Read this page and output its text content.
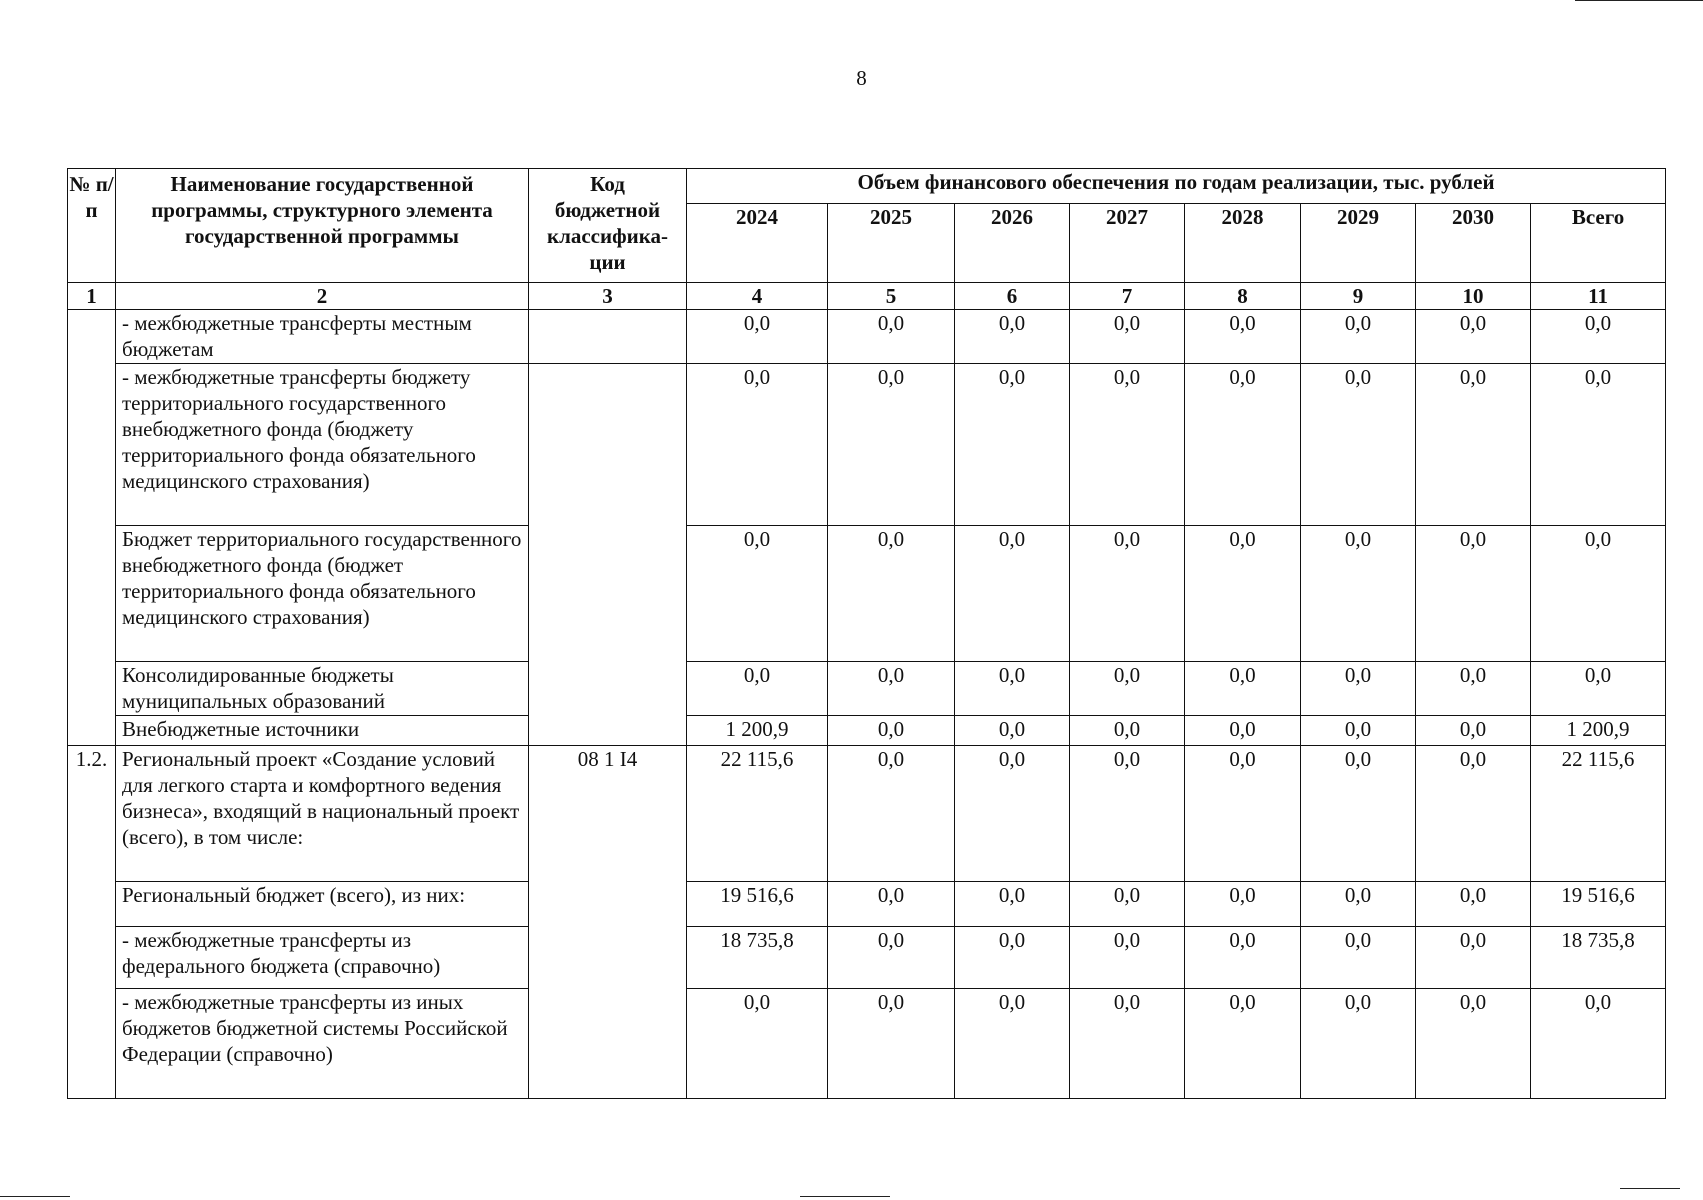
8
№ п/п	Наименование государственной программы, структурного элемента государственной программы	Код бюджетной классифика-ции	Объем финансового обеспечения по годам реализации, тыс. рублей							
			2024	2025	2026	2027	2028	2029	2030	Всего
1	2	3	4	5	6	7	8	9	10	11
	- межбюджетные трансферты местным бюджетам		0,0	0,0	0,0	0,0	0,0	0,0	0,0	0,0
	- межбюджетные трансферты бюджету территориального государственного внебюджетного фонда (бюджету территориального фонда обязательного медицинского страхования)		0,0	0,0	0,0	0,0	0,0	0,0	0,0	0,0
	Бюджет территориального государственного внебюджетного фонда (бюджет территориального фонда обязательного медицинского страхования)		0,0	0,0	0,0	0,0	0,0	0,0	0,0	0,0
	Консолидированные бюджеты муниципальных образований		0,0	0,0	0,0	0,0	0,0	0,0	0,0	0,0
	Внебюджетные источники		1 200,9	0,0	0,0	0,0	0,0	0,0	0,0	1 200,9
1.2.	Региональный проект «Создание условий для легкого старта и комфортного ведения бизнеса», входящий в национальный проект (всего), в том числе:	08 1 I4	22 115,6	0,0	0,0	0,0	0,0	0,0	0,0	22 115,6
	Региональный бюджет (всего), из них:		19 516,6	0,0	0,0	0,0	0,0	0,0	0,0	19 516,6
	- межбюджетные трансферты из федерального бюджета (справочно)		18 735,8	0,0	0,0	0,0	0,0	0,0	0,0	18 735,8
	- межбюджетные трансферты из иных бюджетов бюджетной системы Российской Федерации (справочно)		0,0	0,0	0,0	0,0	0,0	0,0	0,0	0,0
